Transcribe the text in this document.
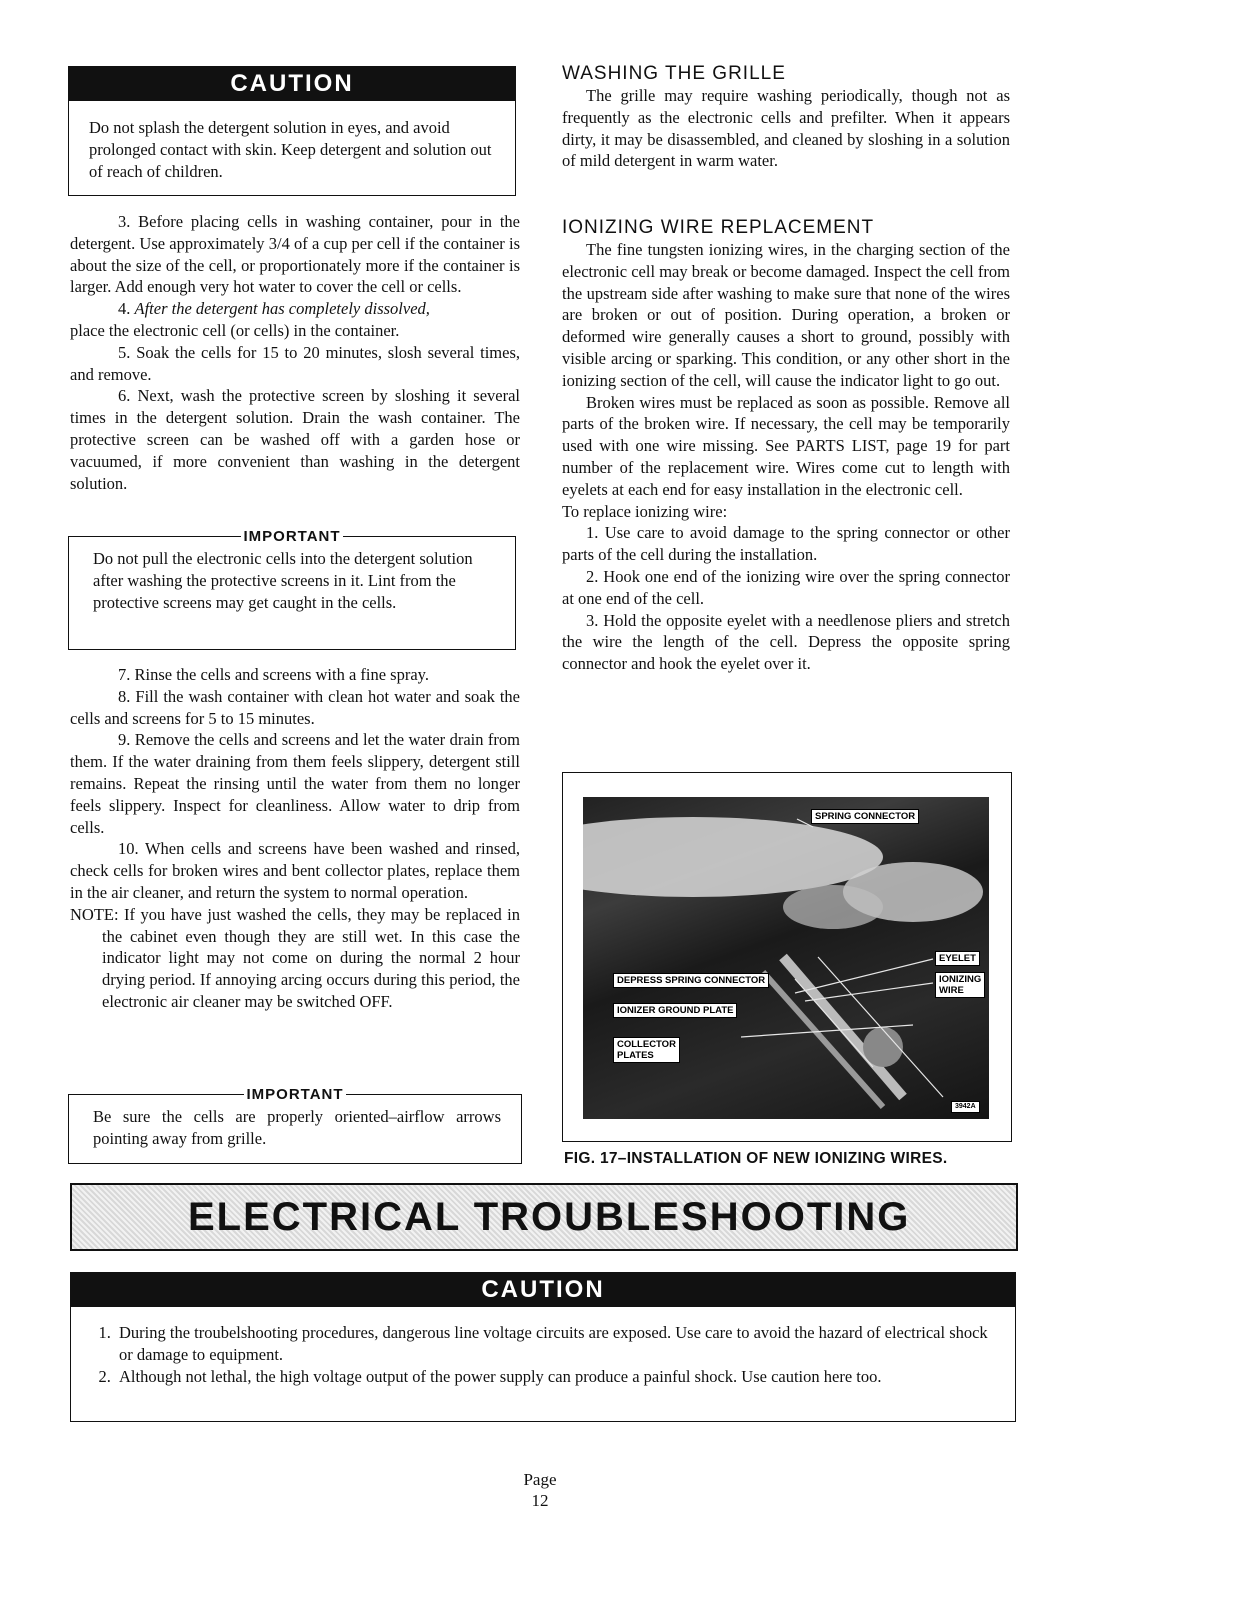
CAUTION

Do not splash the detergent solution in eyes, and avoid prolonged contact with skin. Keep detergent and solution out of reach of children.

3. Before placing cells in washing container, pour in the detergent. Use approximately 3/4 of a cup per cell if the container is about the size of the cell, or proportionately more if the container is larger. Add enough very hot water to cover the cell or cells.

4. After the detergent has completely dissolved,

place the electronic cell (or cells) in the container.

5. Soak the cells for 15 to 20 minutes, slosh several times, and remove.

6. Next, wash the protective screen by sloshing it several times in the detergent solution. Drain the wash container. The protective screen can be washed off with a garden hose or vacuumed, if more convenient than washing in the detergent solution.

IMPORTANT

Do not pull the electronic cells into the detergent solution after washing the protective screens in it. Lint from the protective screens may get caught in the cells.

7. Rinse the cells and screens with a fine spray.

8. Fill the wash container with clean hot water and soak the cells and screens for 5 to 15 minutes.

9. Remove the cells and screens and let the water drain from them. If the water draining from them feels slippery, detergent still remains. Repeat the rinsing until the water from them no longer feels slippery. Inspect for cleanliness. Allow water to drip from cells.

10. When cells and screens have been washed and rinsed, check cells for broken wires and bent collector plates, replace them in the air cleaner, and return the system to normal operation.

NOTE: If you have just washed the cells, they may be replaced in the cabinet even though they are still wet. In this case the indicator light may not come on during the normal 2 hour drying period. If annoying arcing occurs during this period, the electronic air cleaner may be switched OFF.

IMPORTANT

Be sure the cells are properly oriented–airflow arrows pointing away from grille.

WASHING THE GRILLE

The grille may require washing periodically, though not as frequently as the electronic cells and prefilter. When it appears dirty, it may be disassembled, and cleaned by sloshing in a solution of mild detergent in warm water.

IONIZING WIRE REPLACEMENT

The fine tungsten ionizing wires, in the charging section of the electronic cell may break or become damaged. Inspect the cell from the upstream side after washing to make sure that none of the wires are broken or out of position. During operation, a broken or deformed wire generally causes a short to ground, possibly with visible arcing or sparking. This condition, or any other short in the ionizing section of the cell, will cause the indicator light to go out.

Broken wires must be replaced as soon as possible. Remove all parts of the broken wire. If necessary, the cell may be temporarily used with one wire missing. See PARTS LIST, page 19 for part number of the replacement wire. Wires come cut to length with eyelets at each end for easy installation in the electronic cell.

To replace ionizing wire:

1. Use care to avoid damage to the spring connector or other parts of the cell during the installation.

2. Hook one end of the ionizing wire over the spring connector at one end of the cell.

3. Hold the opposite eyelet with a needlenose pliers and stretch the wire the length of the cell. Depress the opposite spring connector and hook the eyelet over it.

SPRING CONNECTOR
EYELET
IONIZING
WIRE
DEPRESS SPRING CONNECTOR
IONIZER GROUND PLATE
COLLECTOR
PLATES
3942A
FIG. 17–INSTALLATION OF NEW IONIZING WIRES.
ELECTRICAL TROUBLESHOOTING
CAUTION
1. During the troubelshooting procedures, dangerous line voltage circuits are exposed. Use care to avoid the hazard of electrical shock or damage to equipment.
2. Although not lethal, the high voltage output of the power supply can produce a painful shock. Use caution here too.
Page
12
